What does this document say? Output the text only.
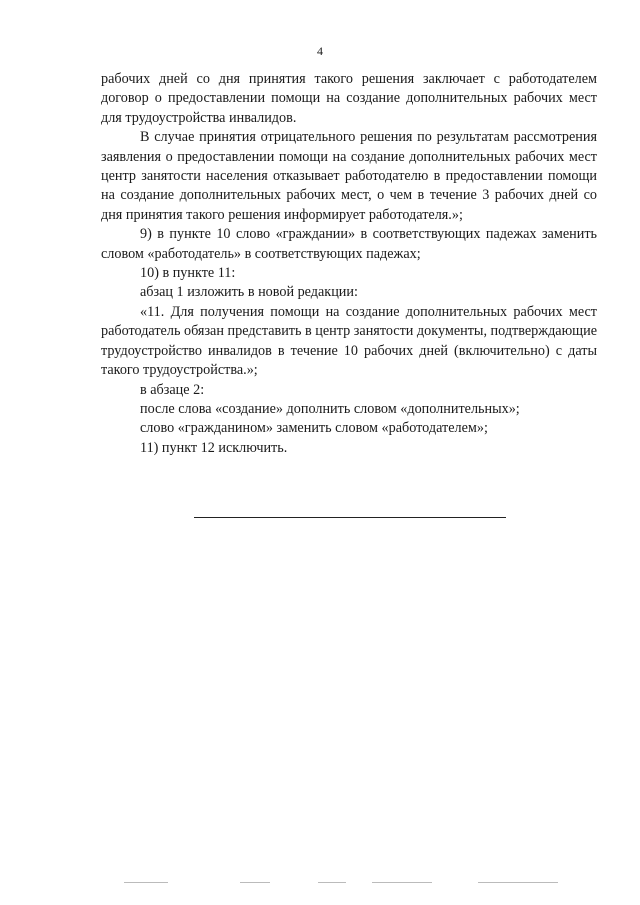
4

рабочих дней со дня принятия такого решения заключает с работодателем договор о предоставлении помощи на создание дополнительных рабочих мест для трудоустройства инвалидов.

В случае принятия отрицательного решения по результатам рассмотрения заявления о предоставлении помощи на создание дополнительных рабочих мест центр занятости населения отказывает работодателю в предоставлении помощи на создание дополнительных рабочих мест, о чем в течение 3 рабочих дней со дня принятия такого решения информирует работодателя.»;

9) в пункте 10 слово «граждании» в соответствующих падежах заменить словом «работодатель» в соответствующих падежах;

10) в пункте 11:

абзац 1 изложить в новой редакции:

«11. Для получения помощи на создание дополнительных рабочих мест работодатель обязан представить в центр занятости документы, подтверждающие трудоустройство инвалидов в течение 10 рабочих дней (включительно) с даты такого трудоустройства.»;

в абзаце 2:

после слова «создание» дополнить словом «дополнительных»;

слово «гражданином» заменить словом «работодателем»;

11) пункт 12 исключить.
